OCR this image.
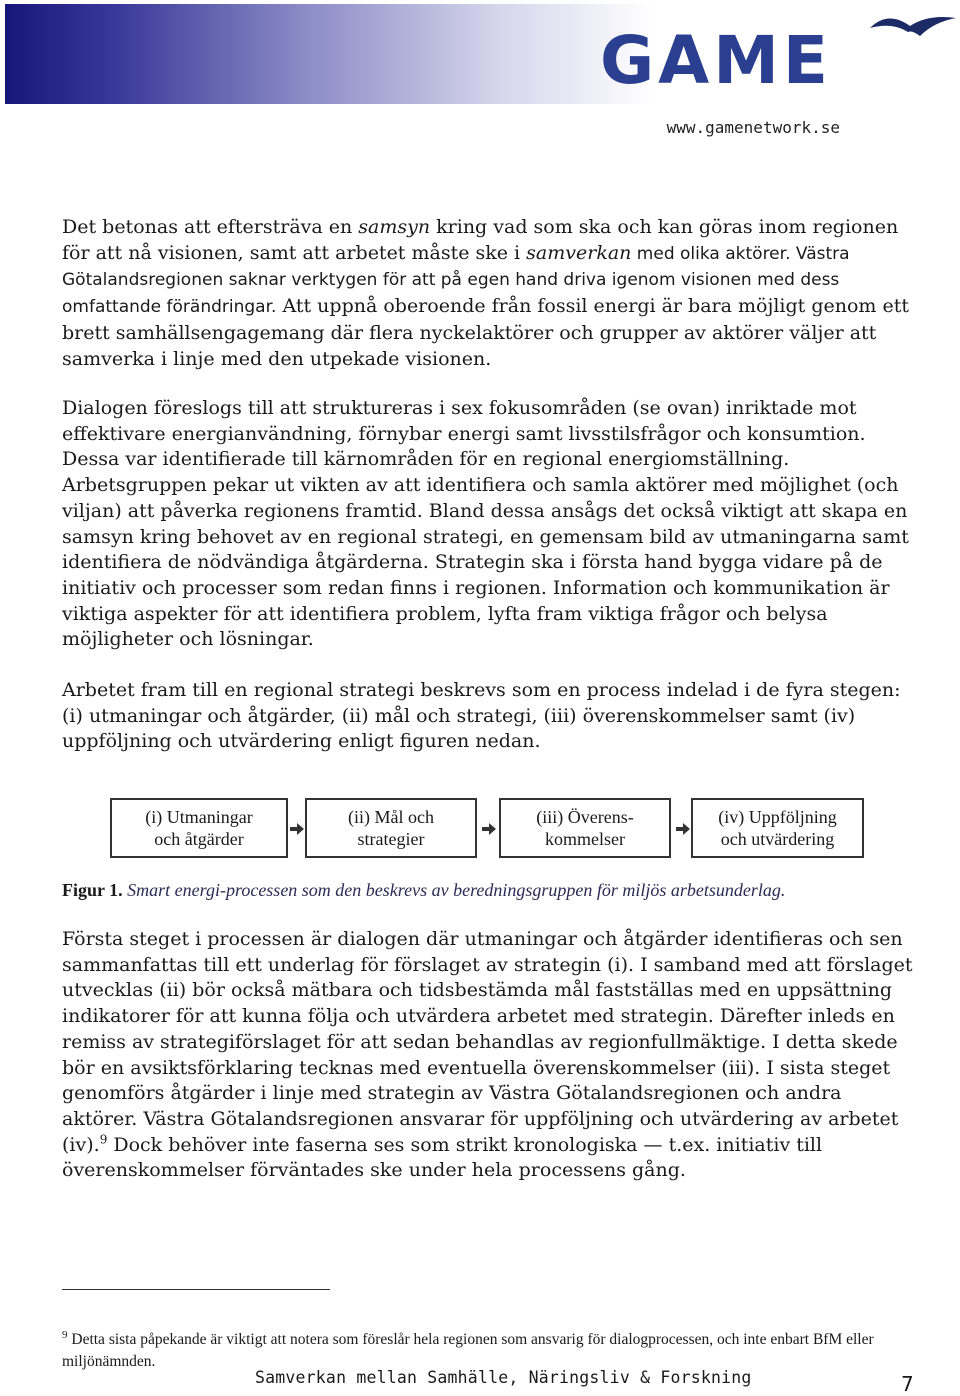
GAME
www.gamenetwork.se

Det betonas att eftersträva en samsyn kring vad som ska och kan göras inom regionen för att nå visionen, samt att arbetet måste ske i samverkan med olika aktörer. Västra Götalandsregionen saknar verktygen för att på egen hand driva igenom visionen med dess omfattande förändringar. Att uppnå oberoende från fossil energi är bara möjligt genom ett brett samhällsengagemang där flera nyckelaktörer och grupper av aktörer väljer att samverka i linje med den utpekade visionen.

Dialogen föreslogs till att struktureras i sex fokusområden (se ovan) inriktade mot effektivare energianvändning, förnybar energi samt livsstilsfrågor och konsumtion. Dessa var identifierade till kärnområden för en regional energiomställning. Arbetsgruppen pekar ut vikten av att identifiera och samla aktörer med möjlighet (och viljan) att påverka regionens framtid. Bland dessa ansågs det också viktigt att skapa en samsyn kring behovet av en regional strategi, en gemensam bild av utmaningarna samt identifiera de nödvändiga åtgärderna. Strategin ska i första hand bygga vidare på de initiativ och processer som redan finns i regionen. Information och kommunikation är viktiga aspekter för att identifiera problem, lyfta fram viktiga frågor och belysa möjligheter och lösningar.

Arbetet fram till en regional strategi beskrevs som en process indelad i de fyra stegen: (i) utmaningar och åtgärder, (ii) mål och strategi, (iii) överenskommelser samt (iv) uppföljning och utvärdering enligt figuren nedan.

(i) Utmaningar
och åtgärder
(ii) Mål och
strategier
(iii) Överens-
kommelser
(iv) Uppföljning
och utvärdering

Figur 1. Smart energi-processen som den beskrevs av beredningsgruppen för miljös arbetsunderlag.

Första steget i processen är dialogen där utmaningar och åtgärder identifieras och sen sammanfattas till ett underlag för förslaget av strategin (i). I samband med att förslaget utvecklas (ii) bör också mätbara och tidsbestämda mål fastställas med en uppsättning indikatorer för att kunna följa och utvärdera arbetet med strategin. Därefter inleds en remiss av strategiförslaget för att sedan behandlas av regionfullmäktige. I detta skede bör en avsiktsförklaring tecknas med eventuella överenskommelser (iii). I sista steget genomförs åtgärder i linje med strategin av Västra Götalandsregionen och andra aktörer. Västra Götalandsregionen ansvarar för uppföljning och utvärdering av arbetet (iv).$^9$ Dock behöver inte faserna ses som strikt kronologiska — t.ex. initiativ till överenskommelser förväntades ske under hela processens gång.

$^9$ Detta sista påpekande är viktigt att notera som föreslår hela regionen som ansvarig för dialogprocessen, och inte enbart BfM eller miljönämnden.

Samverkan mellan Samhälle, Näringsliv & Forskning	7
